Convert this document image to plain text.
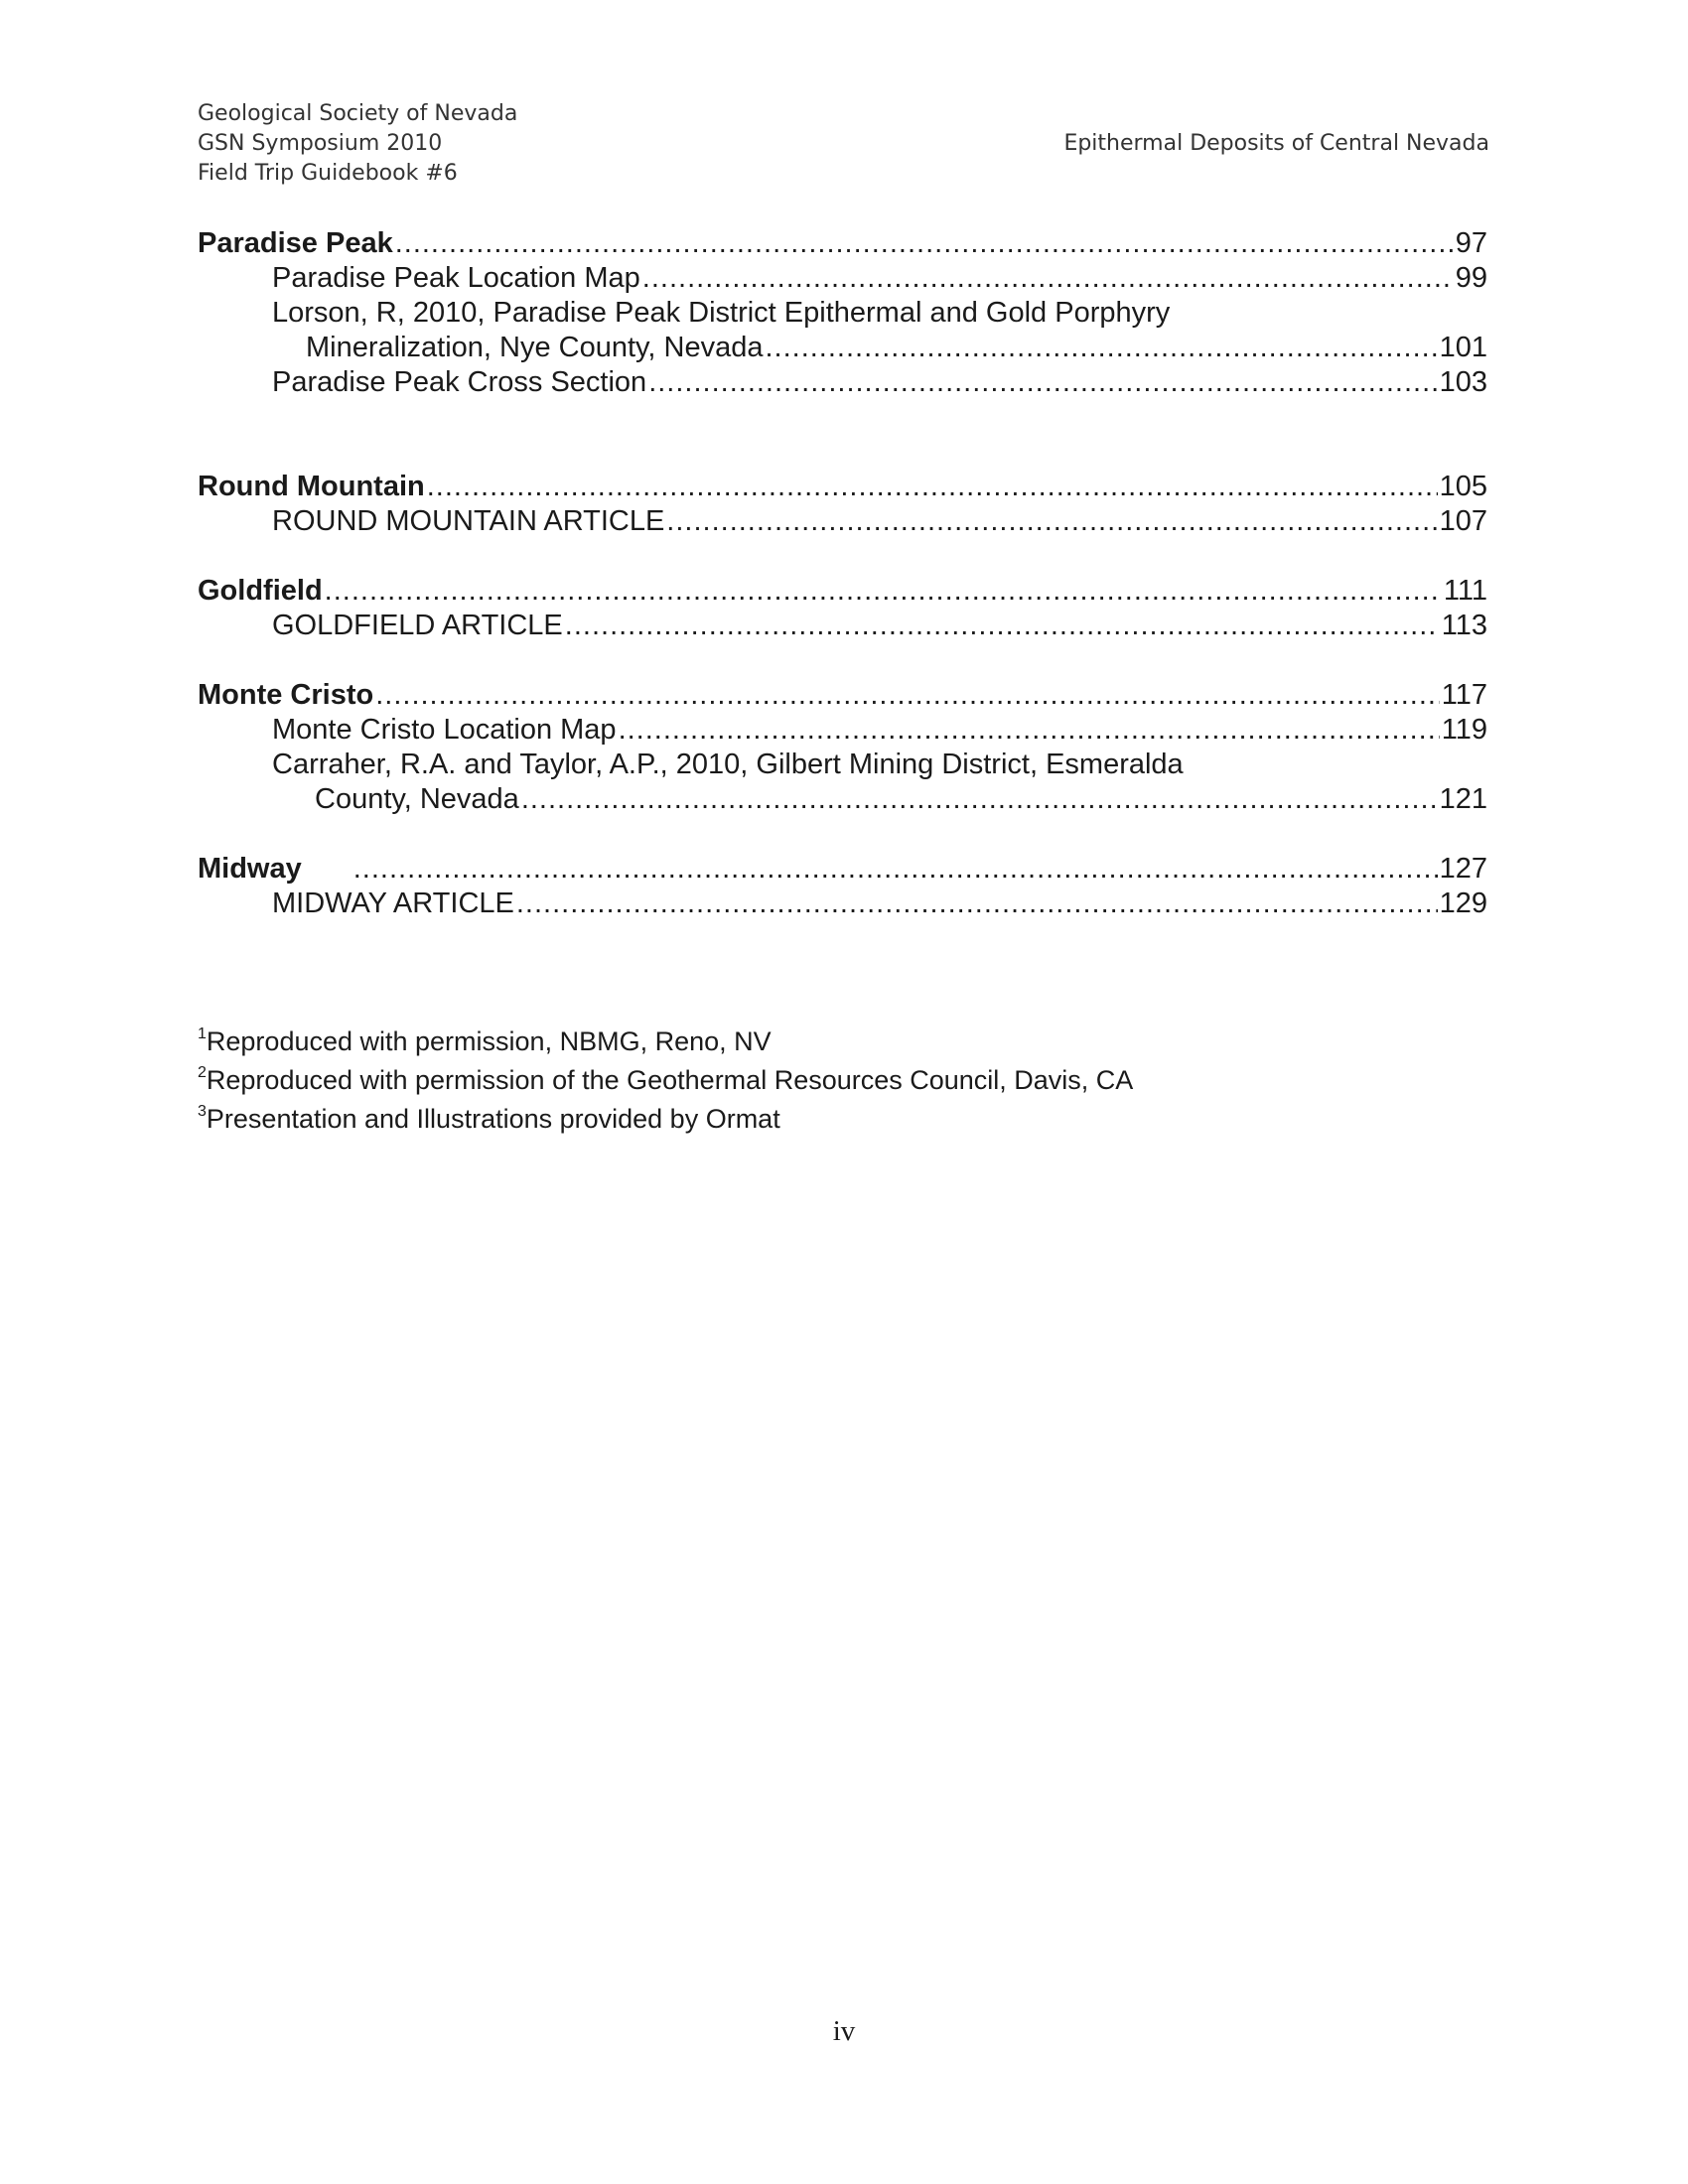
Geological Society of Nevada
GSN Symposium 2010
Field Trip Guidebook #6
Epithermal Deposits of Central Nevada
Paradise Peak .....	97
Paradise Peak Location Map .....	99
Lorson, R, 2010, Paradise Peak District Epithermal and Gold Porphyry
Mineralization, Nye County, Nevada .....	101
Paradise Peak Cross Section .....	103
Round Mountain .....	105
ROUND MOUNTAIN ARTICLE .....	107
Goldfield .....	111
GOLDFIELD ARTICLE .....	113
Monte Cristo .....	117
Monte Cristo Location Map .....	119
Carraher, R.A. and Taylor, A.P., 2010, Gilbert Mining District, Esmeralda
County, Nevada .....	121
Midway .....	127
MIDWAY ARTICLE .....	129
$^1$Reproduced with permission, NBMG, Reno, NV
$^2$Reproduced with permission of the Geothermal Resources Council, Davis, CA
$^3$Presentation and Illustrations provided by Ormat
iv
